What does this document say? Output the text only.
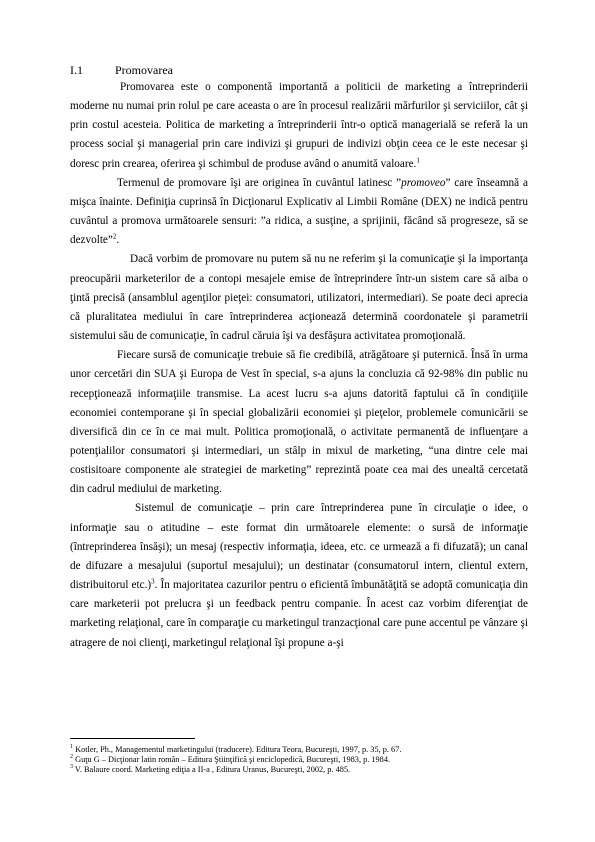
I.1	Promovarea

Promovarea este o componentă importantă a politicii de marketing a întreprinderii moderne nu numai prin rolul pe care aceasta o are în procesul realizării mărfurilor şi serviciilor, cât şi prin costul acesteia. Politica de marketing a întreprinderii într-o optică managerială se referă la un process social şi managerial prin care indivizi şi grupuri de indivizi obţin ceea ce le este necesar şi doresc prin crearea, oferirea şi schimbul de produse având o anumită valoare.$^1$

Termenul de promovare îşi are originea în cuvântul latinesc ”promoveo” care înseamnă a mişca înainte. Definiţia cuprinsă în Dicţionarul Explicativ al Limbii Române (DEX) ne indică pentru cuvântul a promova următoarele sensuri: ”a ridica, a susţine, a sprijinii, făcând să progreseze, să se dezvolte”$^2$.

Dacă vorbim de promovare nu putem să nu ne referim şi la comunicaţie şi la importanţa preocupării marketerilor de a contopi mesajele emise de întreprindere într-un sistem care să aiba o ţintă precisă (ansamblul agenţilor pieţei: consumatori, utilizatori, intermediari). Se poate deci aprecia că pluralitatea mediului în care întreprinderea acţionează determină coordonatele şi parametrii sistemului său de comunicaţie, în cadrul căruia îşi va desfăşura activitatea promoţională.

Fiecare sursă de comunicaţie trebuie să fie credibilă, atrăgătoare şi puternică. Însă în urma unor cercetări din SUA şi Europa de Vest în special, s-a ajuns la concluzia că 92-98% din public nu recepţionează informaţiile transmise. La acest lucru s-a ajuns datorită faptului că în condiţiile economiei contemporane şi în special globalizării economiei şi pieţelor, problemele comunicării se diversifică din ce în ce mai mult. Politica promoţională, o activitate permanentă de influenţare a potenţialilor consumatori şi intermediari, un stâlp in mixul de marketing, “una dintre cele mai costisitoare componente ale strategiei de marketing” reprezintă poate cea mai des unealtă cercetată din cadrul mediului de marketing.

Sistemul de comunicaţie – prin care întreprinderea pune în circulaţie o idee, o informaţie sau o atitudine – este format din următoarele elemente: o sursă de informaţie (întreprinderea însăşi); un mesaj (respectiv informaţia, ideea, etc. ce urmează a fi difuzată); un canal de difuzare a mesajului (suportul mesajului); un destinatar (consumatorul intern, clientul extern, distribuitorul etc.)$^3$. În majoritatea cazurilor pentru o eficientă îmbunătăţită se adoptă comunicaţia din care marketerii pot prelucra şi un feedback pentru companie. În acest caz vorbim diferenţiat de marketing relaţional, care în comparaţie cu marketingul tranzacţional care pune accentul pe vânzare şi atragere de noi clienţi, marketingul relaţional îşi propune a-şi

$^1$ Kotler, Ph., Managementul marketingului (traducere). Editura Teora, Bucureşti, 1997, p. 35, p. 67.

$^2$ Guţu G – Dicţionar latin român – Editura Ştiinţifică şi enciclopedică, Bucureşti, 1983, p. 1984.

$^3$ V. Balaure coord. Marketing ediţia a II-a , Editura Uranus, Bucureşti, 2002, p. 485.
